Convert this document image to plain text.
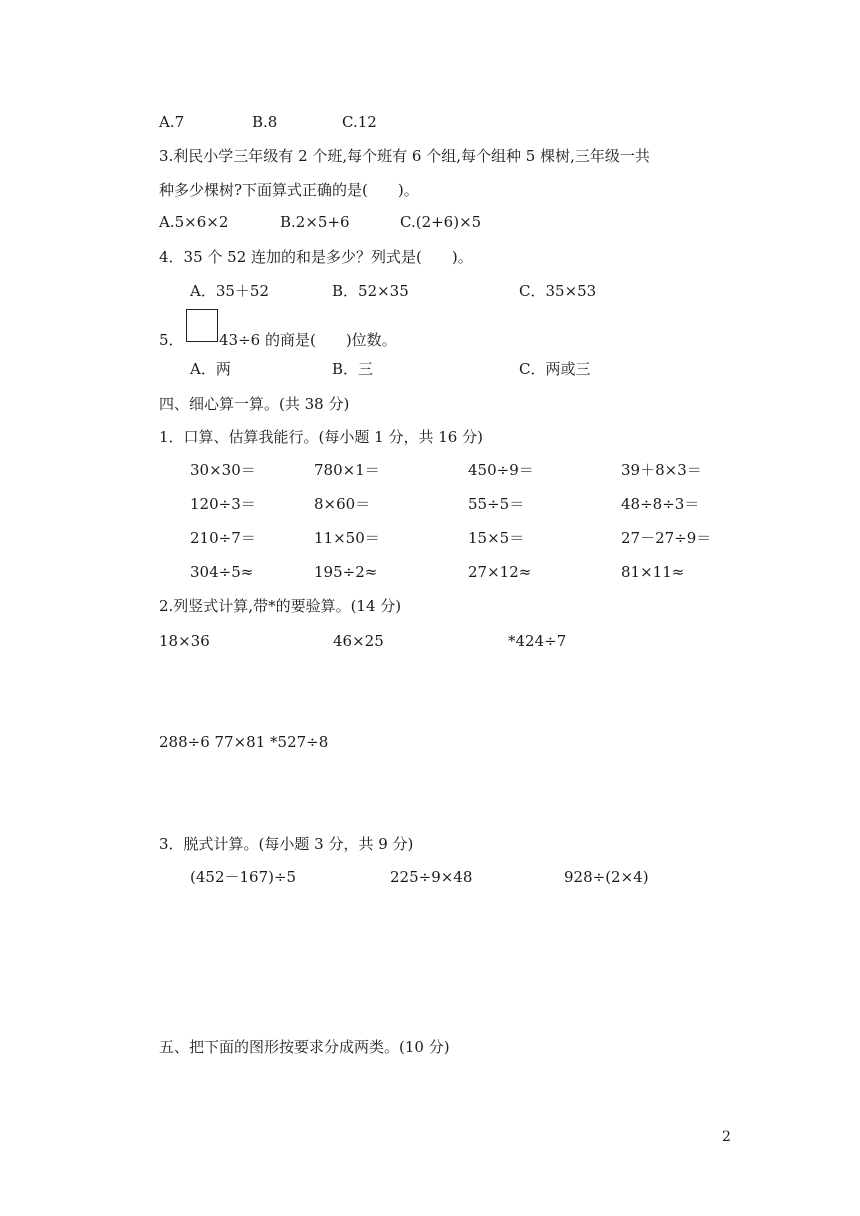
A.7	B.8	C.12
3.利民小学三年级有 2 个班,每个班有 6 个组,每个组种 5 棵树,三年级一共
种多少棵树?下面算式正确的是(　　)。
A.5×6×2	B.2×5+6	C.(2+6)×5
4．35 个 52 连加的和是多少？列式是(　　)。
A．35＋52	B．52×35	C．35×53
5． 43÷6 的商是(　　)位数。
A．两	B．三	C．两或三
四、细心算一算。(共 38 分)
1．口算、估算我能行。(每小题 1 分，共 16 分)
30×30＝	780×1＝	450÷9＝	39＋8×3＝
120÷3＝	8×60＝	55÷5＝	48÷8÷3＝
210÷7＝	11×50＝	15×5＝	27－27÷9＝
304÷5≈	195÷2≈	27×12≈	81×11≈
2.列竖式计算,带*的要验算。(14 分)
18×36	46×25	*424÷7
288÷6 77×81 *527÷8
3．脱式计算。(每小题 3 分，共 9 分)
(452－167)÷5	225÷9×48	928÷(2×4)
五、把下面的图形按要求分成两类。(10 分)
2
